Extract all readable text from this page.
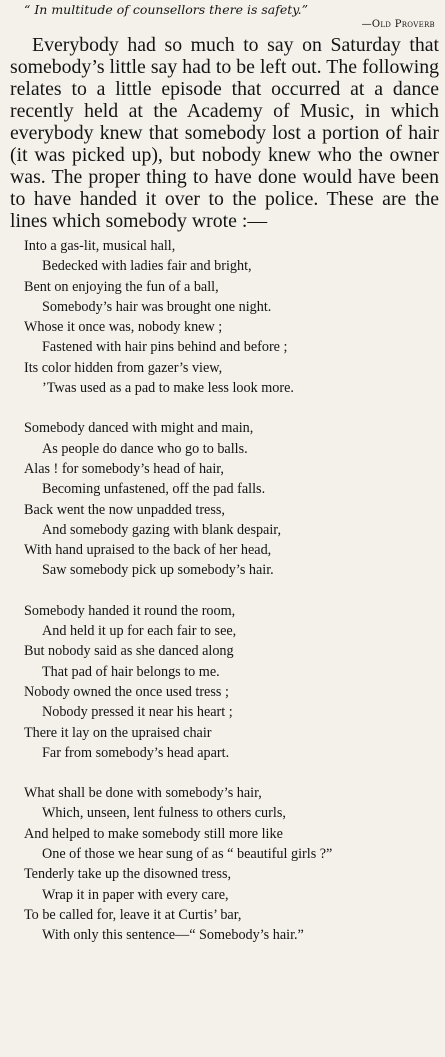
“ In multitude of counsellors there is safety.”
—Old Proverb

Everybody had so much to say on Saturday that somebody’s little say had to be left out. The following relates to a little episode that occurred at a dance recently held at the Academy of Music, in which everybody knew that somebody lost a portion of hair (it was picked up), but nobody knew who the owner was. The proper thing to have done would have been to have handed it over to the police. These are the lines which somebody wrote :—

Into a gas-lit, musical hall,
Bedecked with ladies fair and bright,
Bent on enjoying the fun of a ball,
Somebody’s hair was brought one night.
Whose it once was, nobody knew ;
Fastened with hair pins behind and before ;
Its color hidden from gazer’s view,
’Twas used as a pad to make less look more.
Somebody danced with might and main,
As people do dance who go to balls.
Alas ! for somebody’s head of hair,
Becoming unfastened, off the pad falls.
Back went the now unpadded tress,
And somebody gazing with blank despair,
With hand upraised to the back of her head,
Saw somebody pick up somebody’s hair.
Somebody handed it round the room,
And held it up for each fair to see,
But nobody said as she danced along
That pad of hair belongs to me.
Nobody owned the once used tress ;
Nobody pressed it near his heart ;
There it lay on the upraised chair
Far from somebody’s head apart.
What shall be done with somebody’s hair,
Which, unseen, lent fulness to others curls,
And helped to make somebody still more like
One of those we hear sung of as “ beautiful girls ?”
Tenderly take up the disowned tress,
Wrap it in paper with every care,
To be called for, leave it at Curtis’ bar,
With only this sentence—“ Somebody’s hair.”
